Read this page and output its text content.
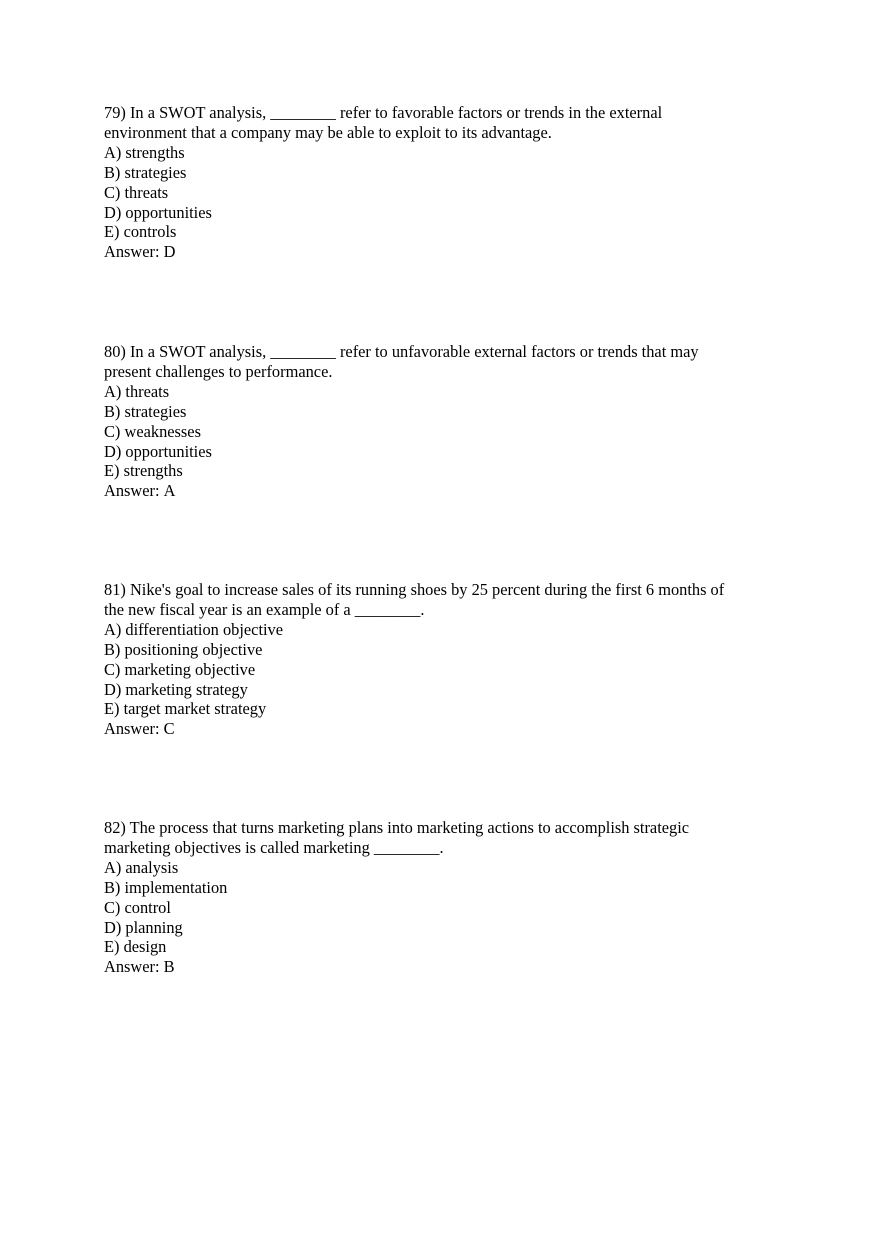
79) In a SWOT analysis, ________ refer to favorable factors or trends in the external
environment that a company may be able to exploit to its advantage.
A) strengths
B) strategies
C) threats
D) opportunities
E) controls
Answer: D
80) In a SWOT analysis, ________ refer to unfavorable external factors or trends that may
present challenges to performance.
A) threats
B) strategies
C) weaknesses
D) opportunities
E) strengths
Answer: A
81) Nike's goal to increase sales of its running shoes by 25 percent during the first 6 months of
the new fiscal year is an example of a ________.
A) differentiation objective
B) positioning objective
C) marketing objective
D) marketing strategy
E) target market strategy
Answer: C
82) The process that turns marketing plans into marketing actions to accomplish strategic
marketing objectives is called marketing ________.
A) analysis
B) implementation
C) control
D) planning
E) design
Answer: B
